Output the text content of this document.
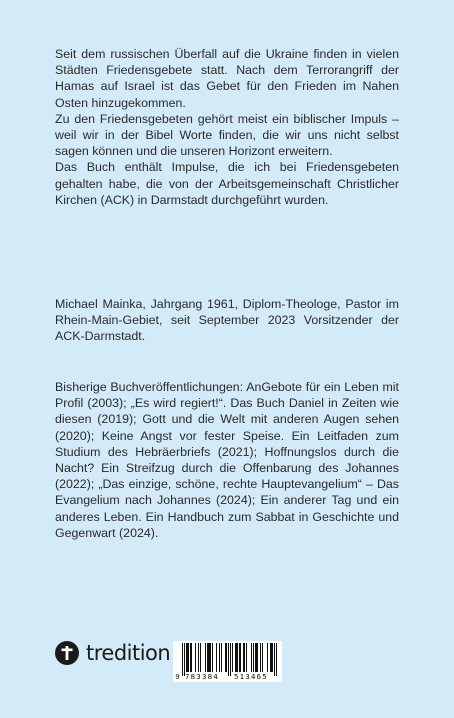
Seit dem russischen Überfall auf die Ukraine finden in vielen Städten Friedensgebete statt. Nach dem Terrorangriff der Hamas auf Israel ist das Gebet für den Frieden im Nahen Osten hinzugekommen.

Zu den Friedensgebeten gehört meist ein biblischer Impuls – weil wir in der Bibel Worte finden, die wir uns nicht selbst sagen können und die unseren Horizont erweitern.

Das Buch enthält Impulse, die ich bei Friedensgebeten gehalten habe, die von der Arbeitsgemeinschaft Christlicher Kirchen (ACK) in Darmstadt durchgeführt wurden.

Michael Mainka, Jahrgang 1961, Diplom-Theologe, Pastor im Rhein-Main-Gebiet, seit September 2023 Vorsitzender der ACK-Darmstadt.

Bisherige Buchveröffentlichungen: AnGebote für ein Leben mit Profil (2003); „Es wird regiert!“. Das Buch Daniel in Zeiten wie diesen (2019); Gott und die Welt mit anderen Augen sehen (2020); Keine Angst vor fester Speise. Ein Leitfaden zum Studium des Hebräerbriefs (2021); Hoffnungslos durch die Nacht? Ein Streifzug durch die Offenbarung des Johannes (2022); „Das einzige, schöne, rechte Hauptevangelium“ – Das Evangelium nach Johannes (2024); Ein anderer Tag und ein anderes Leben. Ein Handbuch zum Sabbat in Geschichte und Gegenwart (2024).

tredition
9 783384	513465
